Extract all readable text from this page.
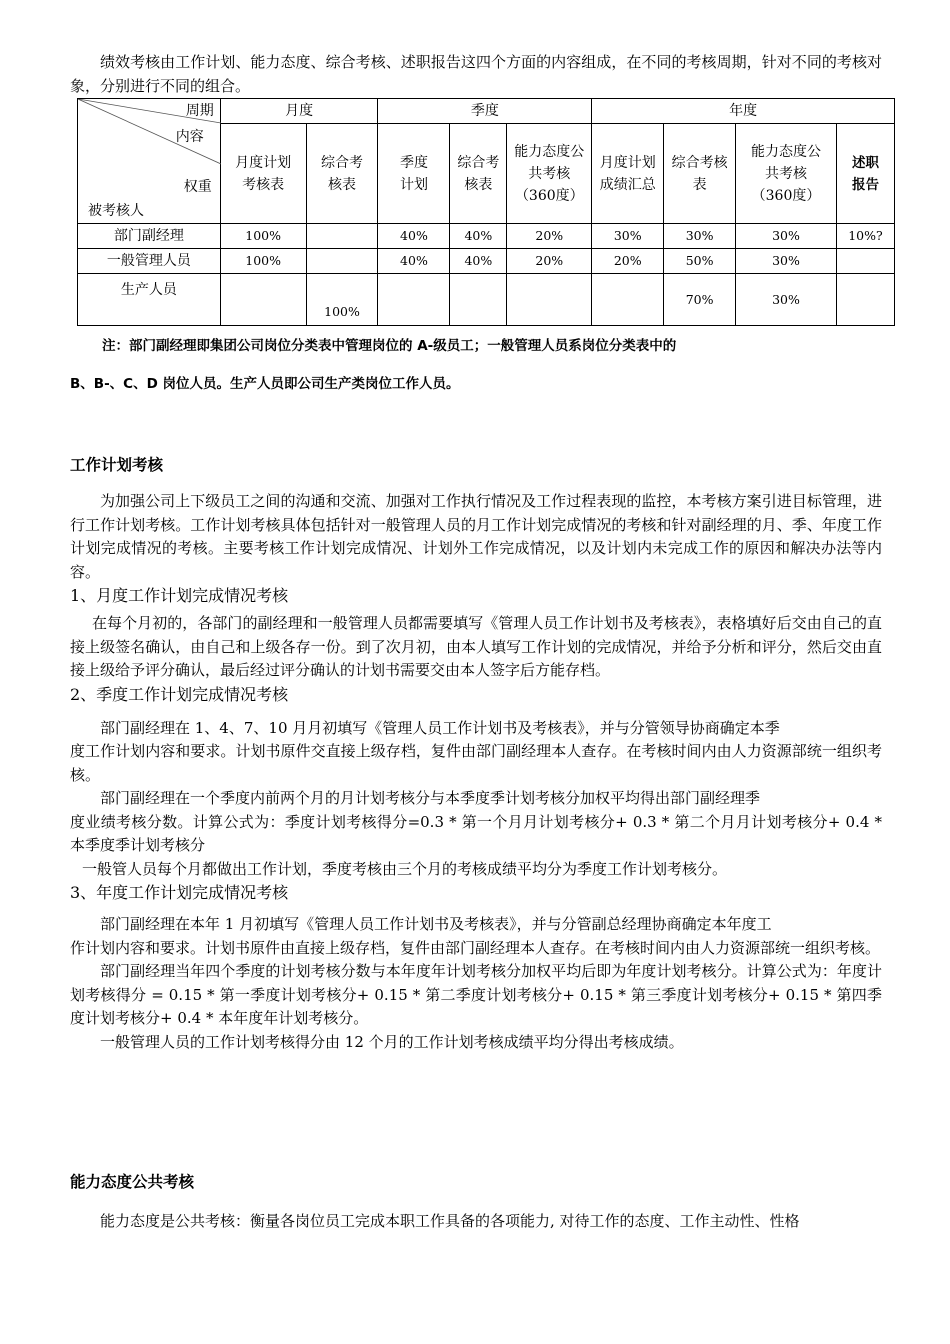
绩效考核由工作计划、能力态度、综合考核、述职报告这四个方面的内容组成，在不同的考核周期，针对不同的考核对象，分别进行不同的组合。

周期
内容
权重
被考核人	月度		季度			年度			

	月度计划考核表	综合考核表	季度计划	综合考核表	能力态度公共考核（360度）	月度计划成绩汇总	综合考核表	能力态度公共考核（360度）	述职报告

部门副经理	100%		40%	40%	20%	30%	30%	30%	10%?
一般管理人员	100%		40%	40%	20%	20%	50%	30%	
生产人员		100%					70%	30%	

注：部门副经理即集团公司岗位分类表中管理岗位的 A-级员工；一般管理人员系岗位分类表中的

B、B-、C、D 岗位人员。生产人员即公司生产类岗位工作人员。

工作计划考核

为加强公司上下级员工之间的沟通和交流、加强对工作执行情况及工作过程表现的监控，本考核方案引进目标管理，进行工作计划考核。工作计划考核具体包括针对一般管理人员的月工作计划完成情况的考核和针对副经理的月、季、年度工作计划完成情况的考核。主要考核工作计划完成情况、计划外工作完成情况，以及计划内未完成工作的原因和解决办法等内容。

1、月度工作计划完成情况考核

在每个月初的，各部门的副经理和一般管理人员都需要填写《管理人员工作计划书及考核表》，表格填好后交由自己的直接上级签名确认，由自己和上级各存一份。到了次月初，由本人填写工作计划的完成情况，并给予分析和评分，然后交由直接上级给予评分确认，最后经过评分确认的计划书需要交由本人签字后方能存档。

2、季度工作计划完成情况考核

部门副经理在 1、4、7、10 月月初填写《管理人员工作计划书及考核表》，并与分管领导协商确定本季

度工作计划内容和要求。计划书原件交直接上级存档，复件由部门副经理本人查存。在考核时间内由人力资源部统一组织考核。

部门副经理在一个季度内前两个月的月计划考核分与本季度季计划考核分加权平均得出部门副经理季

度业绩考核分数。计算公式为：季度计划考核得分=0.3 * 第一个月月计划考核分+ 0.3 * 第二个月月计划考核分+ 0.4 * 本季度季计划考核分

一般管人员每个月都做出工作计划，季度考核由三个月的考核成绩平均分为季度工作计划考核分。

3、年度工作计划完成情况考核

部门副经理在本年 1 月初填写《管理人员工作计划书及考核表》，并与分管副总经理协商确定本年度工

作计划内容和要求。计划书原件由直接上级存档，复件由部门副经理本人查存。在考核时间内由人力资源部统一组织考核。

部门副经理当年四个季度的计划考核分数与本年度年计划考核分加权平均后即为年度计划考核分。计算公式为：年度计划考核得分 = 0.15 * 第一季度计划考核分+ 0.15 * 第二季度计划考核分+ 0.15 * 第三季度计划考核分+ 0.15 * 第四季度计划考核分+ 0.4 * 本年度年计划考核分。

一般管理人员的工作计划考核得分由 12 个月的工作计划考核成绩平均分得出考核成绩。

能力态度公共考核

能力态度是公共考核：衡量各岗位员工完成本职工作具备的各项能力, 对待工作的态度、工作主动性、性格
